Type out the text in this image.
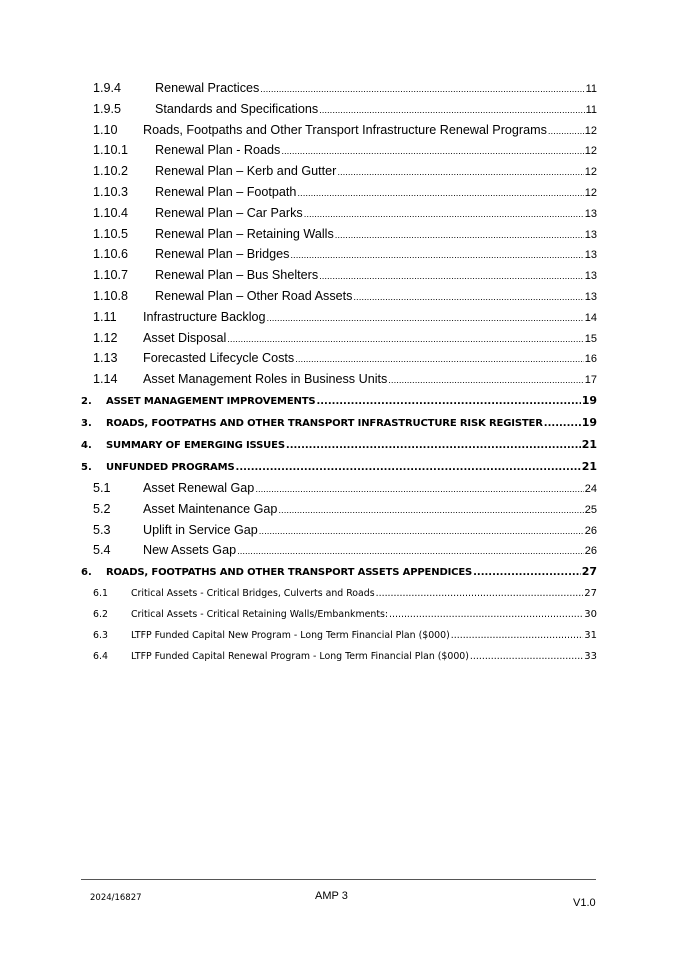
1.9.4	Renewal Practices .....	11
1.9.5	Standards and Specifications .....	11
1.10	Roads, Footpaths and Other Transport Infrastructure Renewal Programs .....	12
1.10.1	Renewal Plan - Roads .....	12
1.10.2	Renewal Plan – Kerb and Gutter .....	12
1.10.3	Renewal Plan – Footpath .....	12
1.10.4	Renewal Plan – Car Parks .....	13
1.10.5	Renewal Plan – Retaining Walls .....	13
1.10.6	Renewal Plan – Bridges .....	13
1.10.7	Renewal Plan – Bus Shelters .....	13
1.10.8	Renewal Plan – Other Road Assets .....	13
1.11	Infrastructure Backlog .....	14
1.12	Asset Disposal .....	15
1.13	Forecasted Lifecycle Costs .....	16
1.14	Asset Management Roles in Business Units .....	17
2.	ASSET MANAGEMENT IMPROVEMENTS .....	19
3.	ROADS, FOOTPATHS AND OTHER TRANSPORT INFRASTRUCTURE RISK REGISTER .....	19
4.	SUMMARY OF EMERGING ISSUES .....	21
5.	UNFUNDED PROGRAMS .....	21
5.1	Asset Renewal Gap .....	24
5.2	Asset Maintenance Gap .....	25
5.3	Uplift in Service Gap .....	26
5.4	New Assets Gap .....	26
6.	ROADS, FOOTPATHS AND OTHER TRANSPORT ASSETS APPENDICES .....	27
6.1	Critical Assets - Critical Bridges, Culverts and Roads .....	27
6.2	Critical Assets - Critical Retaining Walls/Embankments: .....	30
6.3	LTFP Funded Capital New Program - Long Term Financial Plan ($000) .....	31
6.4	LTFP Funded Capital Renewal Program - Long Term Financial Plan ($000) .....	33
2024/16827	AMP 3
V1.0
